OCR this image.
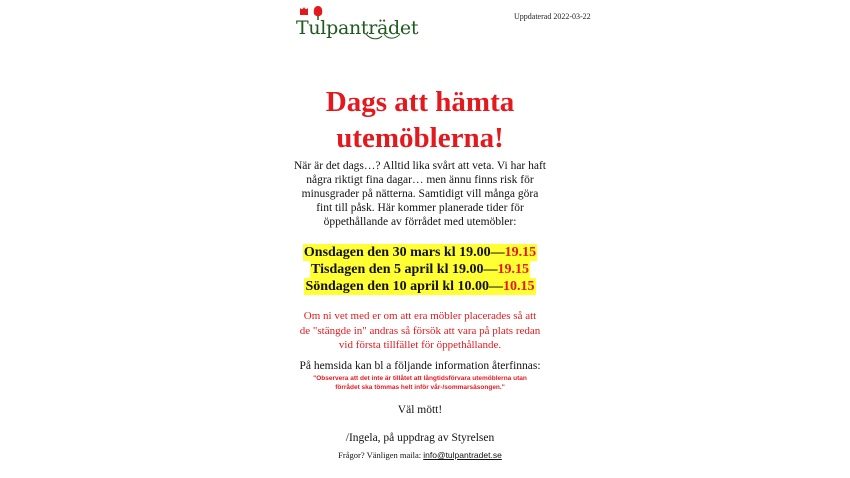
Tulpanträdet
Uppdaterad 2022-03-22
Dags att hämta
utemöblerna!
När är det dags…? Alltid lika svårt att veta. Vi har haft
några riktigt fina dagar… men ännu finns risk för
minusgrader på nätterna. Samtidigt vill många göra
fint till påsk. Här kommer planerade tider för
öppethållande av förrådet med utemöbler:
Onsdagen den 30 mars kl 19.00—19.15
Tisdagen den 5 april kl 19.00—19.15
Söndagen den 10 april kl 10.00—10.15
Om ni vet med er om att era möbler placerades så att
de "stängde in" andras så försök att vara på plats redan
vid första tillfället för öppethållande.
På hemsida kan bl a följande information återfinnas:
"Observera att det inte är tillåtet att långtidsförvara utemöblerna utan
förrådet ska tömmas helt inför vår-/sommarsäsongen."
Väl mött!
/Ingela, på uppdrag av Styrelsen
Frågor? Vänligen maila: info@tulpantradet.se
